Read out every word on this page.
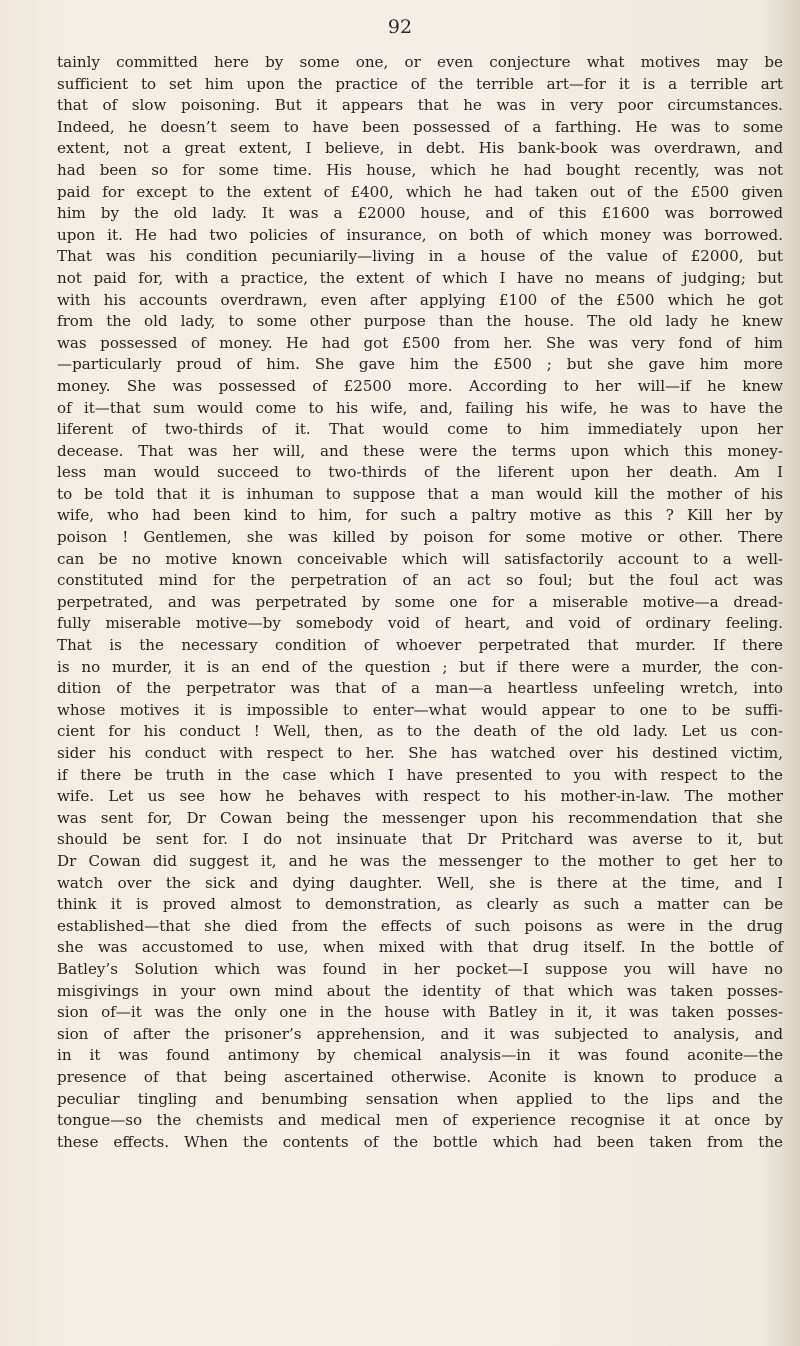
92
tainly committed here by some one, or even conjecture what motives may be
sufficient to set him upon the practice of the terrible art—for it is a terrible art
that of slow poisoning. But it appears that he was in very poor circumstances.
Indeed, he doesn’t seem to have been possessed of a farthing. He was to some
extent, not a great extent, I believe, in debt. His bank-book was overdrawn, and
had been so for some time. His house, which he had bought recently, was not
paid for except to the extent of £400, which he had taken out of the £500 given
him by the old lady. It was a £2000 house, and of this £1600 was borrowed
upon it. He had two policies of insurance, on both of which money was borrowed.
That was his condition pecuniarily—living in a house of the value of £2000, but
not paid for, with a practice, the extent of which I have no means of judging; but
with his accounts overdrawn, even after applying £100 of the £500 which he got
from the old lady, to some other purpose than the house. The old lady he knew
was possessed of money. He had got £500 from her. She was very fond of him
—particularly proud of him. She gave him the £500 ; but she gave him more
money. She was possessed of £2500 more. According to her will—if he knew
of it—that sum would come to his wife, and, failing his wife, he was to have the
liferent of two-thirds of it. That would come to him immediately upon her
decease. That was her will, and these were the terms upon which this money-
less man would succeed to two-thirds of the liferent upon her death. Am I
to be told that it is inhuman to suppose that a man would kill the mother of his
wife, who had been kind to him, for such a paltry motive as this ? Kill her by
poison ! Gentlemen, she was killed by poison for some motive or other. There
can be no motive known conceivable which will satisfactorily account to a well-
constituted mind for the perpetration of an act so foul; but the foul act was
perpetrated, and was perpetrated by some one for a miserable motive—a dread-
fully miserable motive—by somebody void of heart, and void of ordinary feeling.
That is the necessary condition of whoever perpetrated that murder. If there
is no murder, it is an end of the question ; but if there were a murder, the con-
dition of the perpetrator was that of a man—a heartless unfeeling wretch, into
whose motives it is impossible to enter—what would appear to one to be suffi-
cient for his conduct ! Well, then, as to the death of the old lady. Let us con-
sider his conduct with respect to her. She has watched over his destined victim,
if there be truth in the case which I have presented to you with respect to the
wife. Let us see how he behaves with respect to his mother-in-law. The mother
was sent for, Dr Cowan being the messenger upon his recommendation that she
should be sent for. I do not insinuate that Dr Pritchard was averse to it, but
Dr Cowan did suggest it, and he was the messenger to the mother to get her to
watch over the sick and dying daughter. Well, she is there at the time, and I
think it is proved almost to demonstration, as clearly as such a matter can be
established—that she died from the effects of such poisons as were in the drug
she was accustomed to use, when mixed with that drug itself. In the bottle of
Batley’s Solution which was found in her pocket—I suppose you will have no
misgivings in your own mind about the identity of that which was taken posses-
sion of—it was the only one in the house with Batley in it, it was taken posses-
sion of after the prisoner’s apprehension, and it was subjected to analysis, and
in it was found antimony by chemical analysis—in it was found aconite—the
presence of that being ascertained otherwise. Aconite is known to produce a
peculiar tingling and benumbing sensation when applied to the lips and the
tongue—so the chemists and medical men of experience recognise it at once by
these effects. When the contents of the bottle which had been taken from the
